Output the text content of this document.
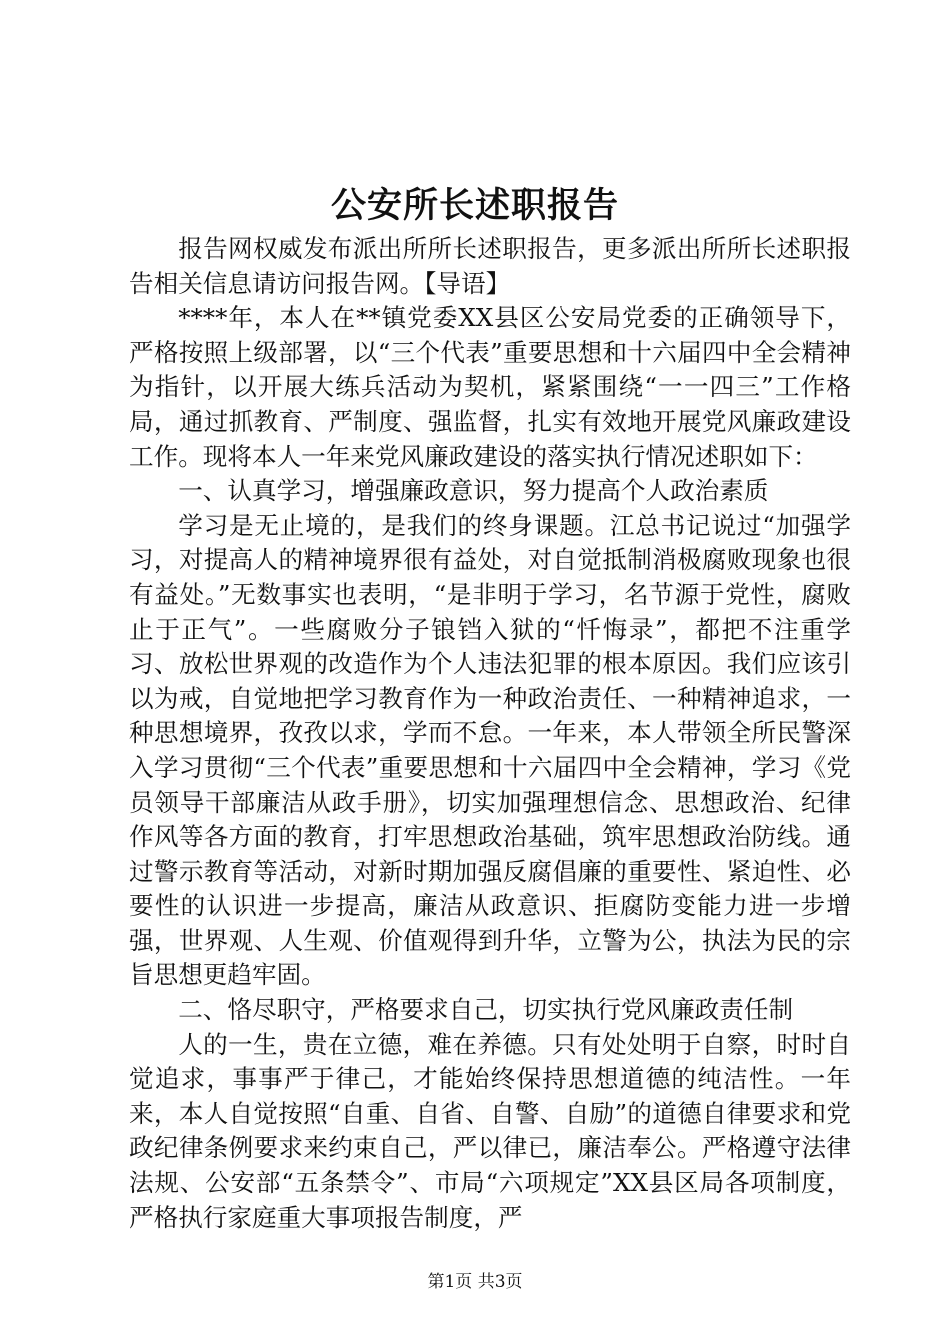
公安所长述职报告

报告网权威发布派出所所长述职报告，更多派出所所长述职报告相关信息请访问报告网。【导语】

****年，本人在**镇党委XX县区公安局党委的正确领导下，严格按照上级部署，以“三个代表”重要思想和十六届四中全会精神为指针，以开展大练兵活动为契机，紧紧围绕“一一四三”工作格局，通过抓教育、严制度、强监督，扎实有效地开展党风廉政建设工作。现将本人一年来党风廉政建设的落实执行情况述职如下：

一、认真学习，增强廉政意识，努力提高个人政治素质

学习是无止境的，是我们的终身课题。江总书记说过“加强学习，对提高人的精神境界很有益处，对自觉抵制消极腐败现象也很有益处。”无数事实也表明，“是非明于学习，名节源于党性，腐败止于正气”。一些腐败分子锒铛入狱的“忏悔录”，都把不注重学习、放松世界观的改造作为个人违法犯罪的根本原因。我们应该引以为戒，自觉地把学习教育作为一种政治责任、一种精神追求，一种思想境界，孜孜以求，学而不怠。一年来，本人带领全所民警深入学习贯彻“三个代表”重要思想和十六届四中全会精神，学习《党员领导干部廉洁从政手册》，切实加强理想信念、思想政治、纪律作风等各方面的教育，打牢思想政治基础，筑牢思想政治防线。通过警示教育等活动，对新时期加强反腐倡廉的重要性、紧迫性、必要性的认识进一步提高，廉洁从政意识、拒腐防变能力进一步增强，世界观、人生观、价值观得到升华，立警为公，执法为民的宗旨思想更趋牢固。

二、恪尽职守，严格要求自己，切实执行党风廉政责任制

人的一生，贵在立德，难在养德。只有处处明于自察，时时自觉追求，事事严于律己，才能始终保持思想道德的纯洁性。一年来，本人自觉按照“自重、自省、自警、自励”的道德自律要求和党政纪律条例要求来约束自己，严以律已，廉洁奉公。严格遵守法律法规、公安部“五条禁令”、市局“六项规定”XX县区局各项制度，严格执行家庭重大事项报告制度，严

第1页 共3页
